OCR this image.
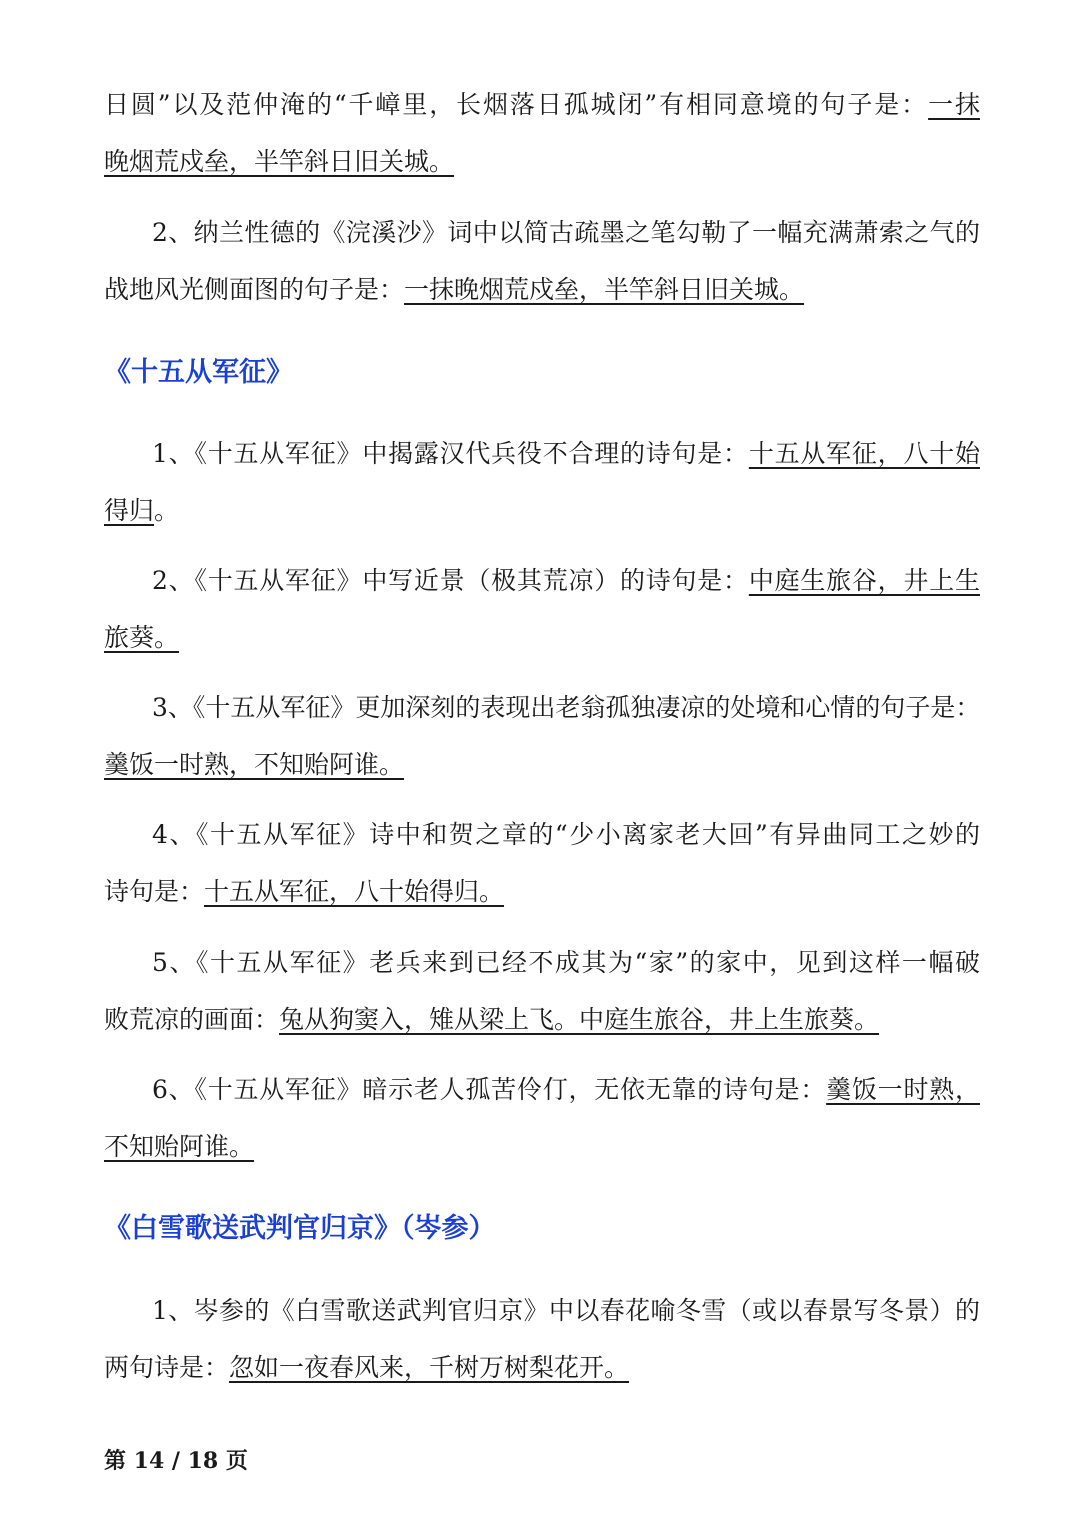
日圆”以及范仲淹的“千嶂里，长烟落日孤城闭”有相同意境的句子是：一抹
晚烟荒戍垒，半竿斜日旧关城。
2、纳兰性德的《浣溪沙》词中以简古疏墨之笔勾勒了一幅充满萧索之气的
战地风光侧面图的句子是：一抹晚烟荒戍垒，半竿斜日旧关城。
《十五从军征》
1、《十五从军征》中揭露汉代兵役不合理的诗句是：十五从军征，八十始
得归。
2、《十五从军征》中写近景（极其荒凉）的诗句是：中庭生旅谷，井上生
旅葵。
3、《十五从军征》更加深刻的表现出老翁孤独凄凉的处境和心情的句子是：
羹饭一时熟，不知贻阿谁。
4、《十五从军征》诗中和贺之章的“少小离家老大回”有异曲同工之妙的
诗句是：十五从军征，八十始得归。
5、《十五从军征》老兵来到已经不成其为“家”的家中，见到这样一幅破
败荒凉的画面：兔从狗窦入，雉从梁上飞。中庭生旅谷，井上生旅葵。
6、《十五从军征》暗示老人孤苦伶仃，无依无靠的诗句是：羹饭一时熟，
不知贻阿谁。
《白雪歌送武判官归京》（岑参）
1、岑参的《白雪歌送武判官归京》中以春花喻冬雪（或以春景写冬景）的
两句诗是：忽如一夜春风来，千树万树梨花开。
第 14 / 18 页
